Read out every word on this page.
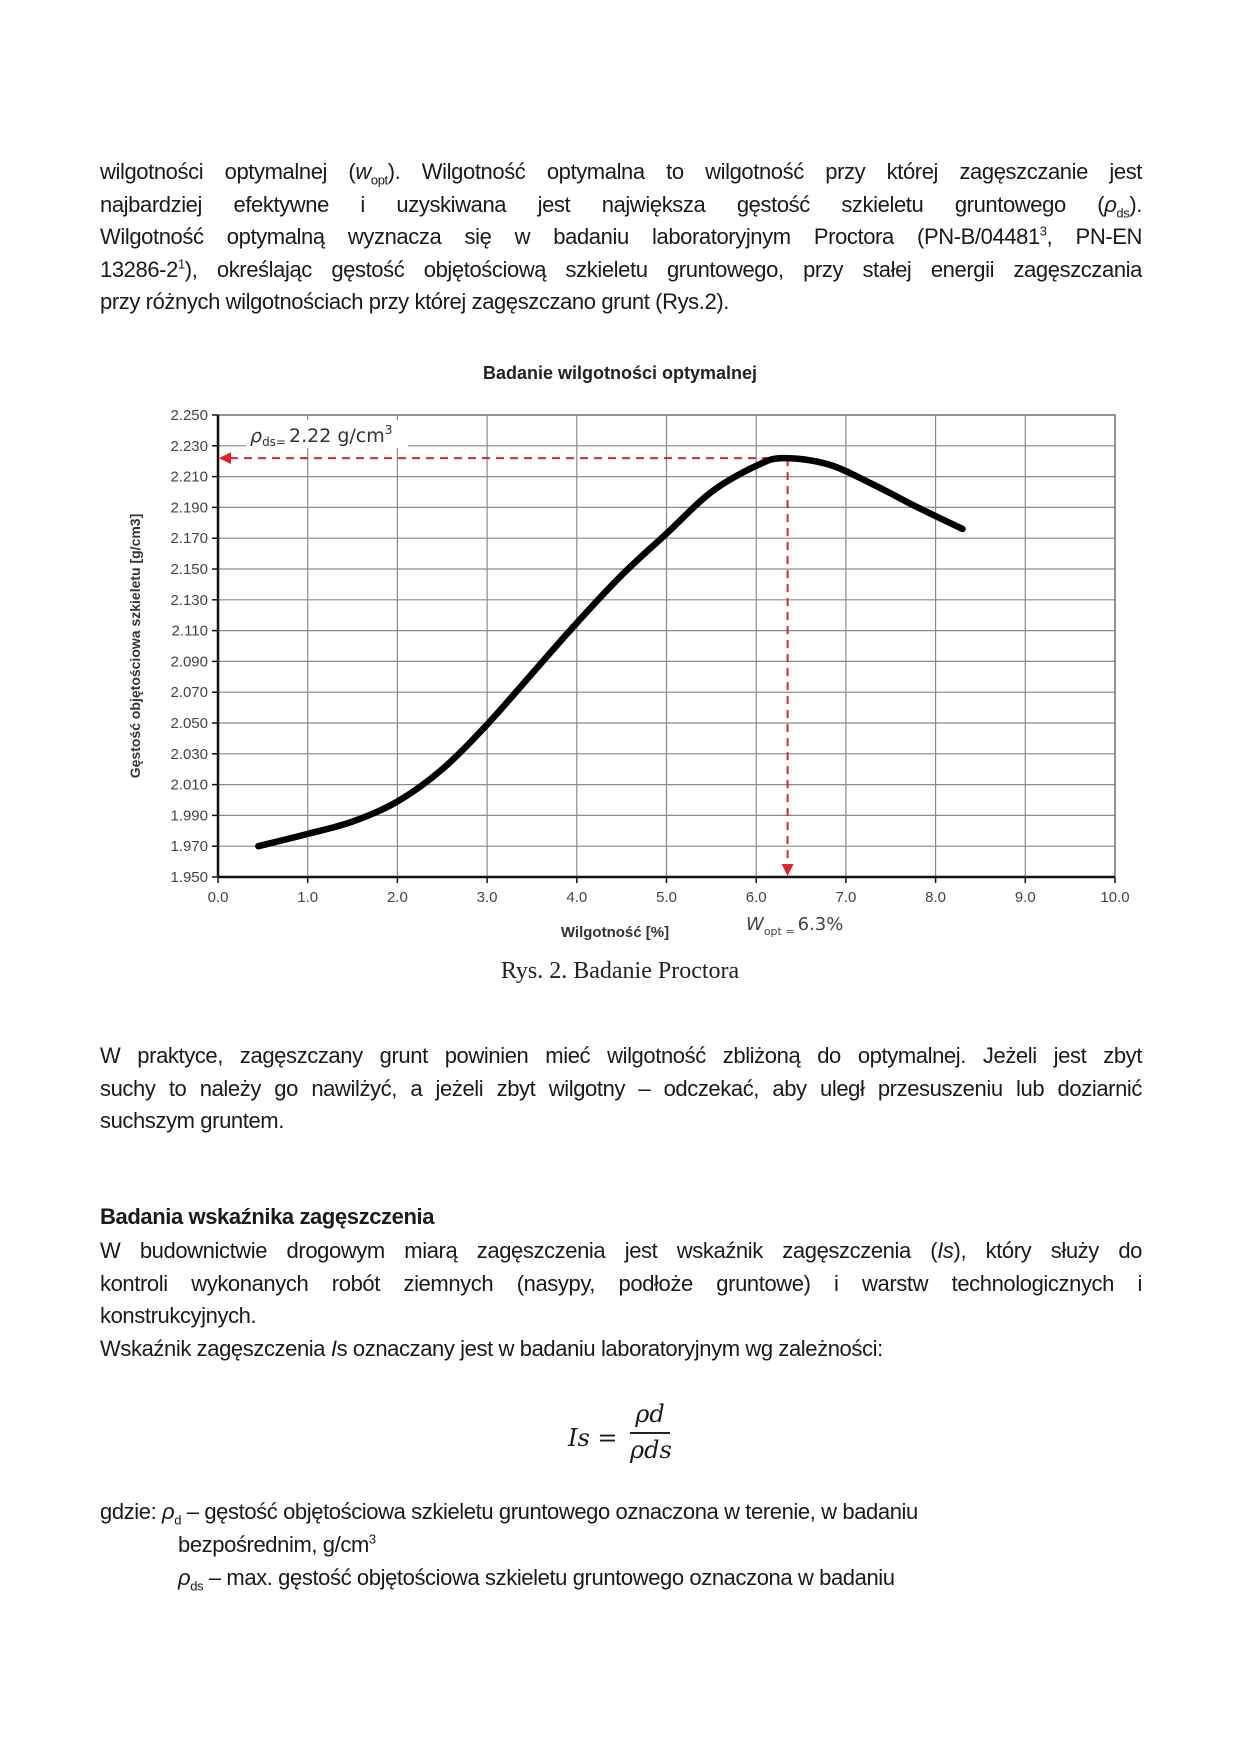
wilgotności optymalnej $(w_{opt})$. Wilgotność optymalna to wilgotność przy której zagęszczanie jest
najbardziej efektywne i uzyskiwana jest największa gęstość szkieletu gruntowego $(\rho_{ds})$.
Wilgotność optymalną wyznacza się w badaniu laboratoryjnym Proctora (PN-B/04481$^3$, PN-EN
$13286-2^1$), określając gęstość objętościową szkieletu gruntowego, przy stałej energii zagęszczania
przy różnych wilgotnościach przy której zagęszczano grunt (Rys.2).
Badanie wilgotności optymalnej
2.250
2.230
2.210
2.190
2.170
2.150
2.130
2.110
2.090
2.070
2.050
2.030
2.010
1.990
1.970
1.950
0.0	1.0	2.0	3.0	4.0	5.0	6.0	7.0	8.0	9.0	10.0
Gęstość objętościowa szkieletu [g/cm3]
Wilgotność [%]
$\rho_{ds=}$ 2.22 $g/cm^3$
$W_{opt =}$ 6.3%
Rys. 2. Badanie Proctora
W praktyce, zagęszczany grunt powinien mieć wilgotność zbliżoną do optymalnej. Jeżeli jest zbyt
suchy to należy go nawilżyć, a jeżeli zbyt wilgotny – odczekać, aby uległ przesuszeniu lub doziarnić
suchszym gruntem.
Badania wskaźnika zagęszczenia
W budownictwie drogowym miarą zagęszczenia jest wskaźnik zagęszczenia (Is), który służy do
kontroli wykonanych robót ziemnych (nasypy, podłoże gruntowe) i warstw technologicznych i
konstrukcyjnych.
Wskaźnik zagęszczenia Is oznaczany jest w badaniu laboratoryjnym wg zależności:
Is =
ρd
ρds
gdzie: $\rho_d$ – gęstość objętościowa szkieletu gruntowego oznaczona w terenie, w badaniu
bezpośrednim, $g/cm^3$
$\rho_{ds}$ – max. gęstość objętościowa szkieletu gruntowego oznaczona w badaniu
